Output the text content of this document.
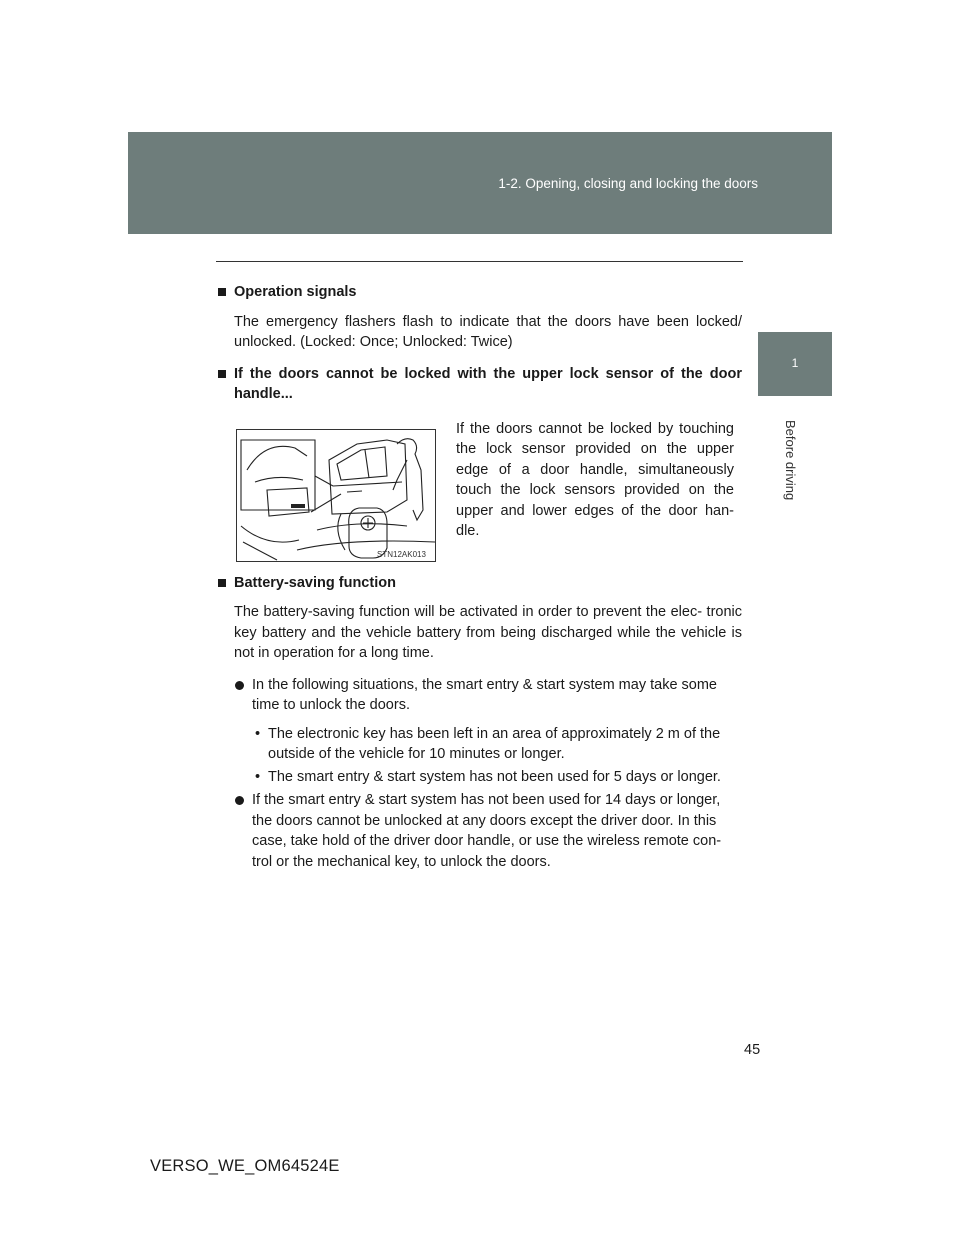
1-2. Opening, closing and locking the doors
1
Before driving
Operation signals
The emergency flashers flash to indicate that the doors have been locked/ unlocked. (Locked: Once; Unlocked: Twice)
If the doors cannot be locked with the upper lock sensor of the door handle...
STN12AK013
If the doors cannot be locked by touching the lock sensor provided on the upper edge of a door handle, simultaneously touch the lock sensors provided on the upper and lower edges of the door han- dle.
Battery-saving function
The battery-saving function will be activated in order to prevent the elec- tronic key battery and the vehicle battery from being discharged while the vehicle is not in operation for a long time.
In the following situations, the smart entry & start system may take some time to unlock the doors.
• The electronic key has been left in an area of approximately 2 m of the outside of the vehicle for 10 minutes or longer.
• The smart entry & start system has not been used for 5 days or longer.
If the smart entry & start system has not been used for 14 days or longer, the doors cannot be unlocked at any doors except the driver door. In this case, take hold of the driver door handle, or use the wireless remote con- trol or the mechanical key, to unlock the doors.
45
VERSO_WE_OM64524E
